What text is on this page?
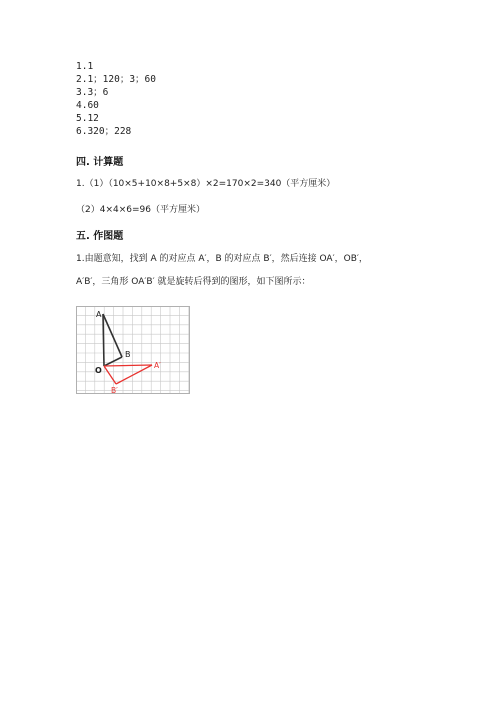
1.1
2.1；120；3；60
3.3；6
4.60
5.12
6.320；228
四. 计算题
1.（1）（10×5+10×8+5×8）×2=170×2=340（平方厘米）
（2）4×4×6=96（平方厘米）
五. 作图题
1.由题意知，找到 A 的对应点 A′，B 的对应点 B′，然后连接 OA′，OB′，
A′B′，三角形 OA′B′ 就是旋转后得到的图形，如下图所示：
A
B
O
A′
B′
